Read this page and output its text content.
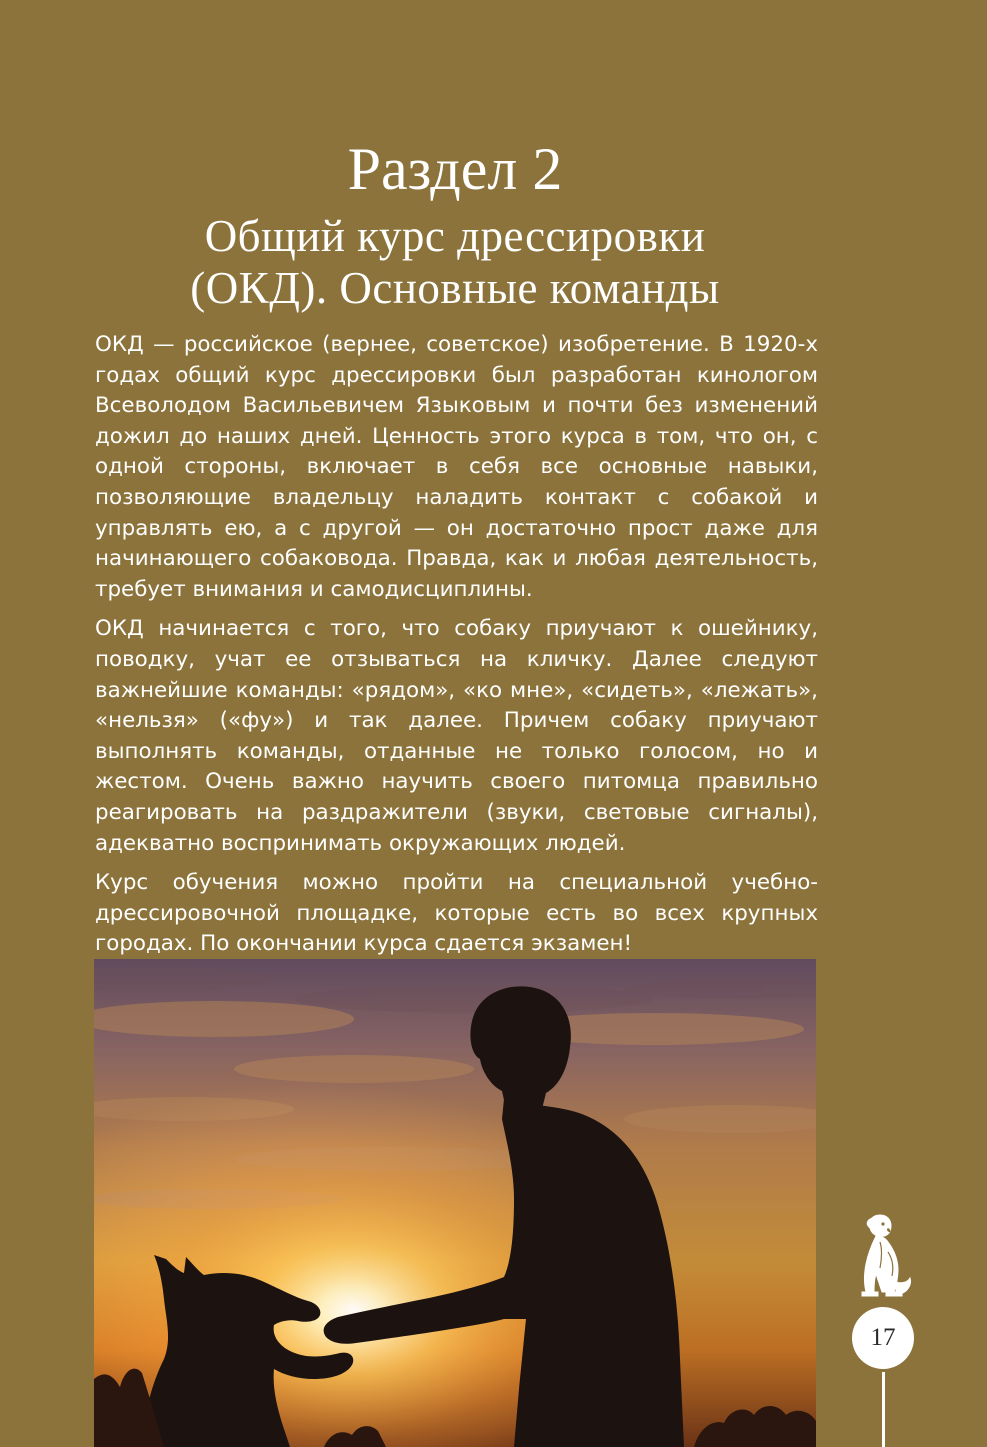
Раздел 2
Общий курс дрессировки
(ОКД). Основные команды

ОКД — российское (вернее, советское) изобретение. В 1920-х годах общий курс дрессировки был разработан кинологом Всеволодом Васильевичем Языковым и почти без изменений дожил до наших дней. Ценность этого курса в том, что он, с одной стороны, включает в себя все основные навыки, позволяющие владельцу наладить контакт с собакой и управлять ею, а с другой — он достаточно прост даже для начинающего собаковода. Правда, как и любая деятельность, требует внимания и самодисциплины.

ОКД начинается с того, что собаку приучают к ошейнику, поводку, учат ее отзываться на кличку. Далее следуют важнейшие команды: «рядом», «ко мне», «сидеть», «лежать», «нельзя» («фу») и так далее. Причем собаку приучают выполнять команды, отданные не только голосом, но и жестом. Очень важно научить своего питомца правильно реагировать на раздражители (звуки, световые сигналы), адекватно воспринимать окружающих людей.

Курс обучения можно пройти на специальной учебно-дрессировочной площадке, которые есть во всех крупных городах. По окончании курса сдается экзамен!

17
